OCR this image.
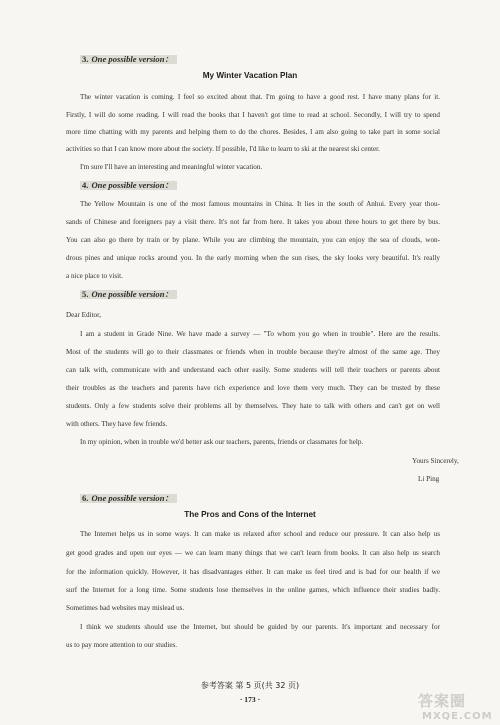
3. One possible version：
My Winter Vacation Plan
The winter vacation is coming. I feel so excited about that. I'm going to have a good rest. I have many plans for it.
Firstly, I will do some reading. I will read the books that I haven't got time to read at school. Secondly, I will try to spend
more time chatting with my parents and helping them to do the chores. Besides, I am also going to take part in some social
activities so that I can know more about the society. If possible, I'd like to learn to ski at the nearest ski center.
I'm sure I'll have an interesting and meaningful winter vacation.
4. One possible version：
The Yellow Mountain is one of the most famous mountains in China. It lies in the south of Anhui. Every year thou-
sands of Chinese and foreigners pay a visit there. It's not far from here. It takes you about three hours to get there by bus.
You can also go there by train or by plane. While you are climbing the mountain, you can enjoy the sea of clouds, won-
drous pines and unique rocks around you. In the early morning when the sun rises, the sky looks very beautiful. It's really
a nice place to visit.
5. One possible version：
Dear Editor,
I am a student in Grade Nine. We have made a survey — "To whom you go when in trouble". Here are the results.
Most of the students will go to their classmates or friends when in trouble because they're almost of the same age. They
can talk with, communicate with and understand each other easily. Some students will tell their teachers or parents about
their troubles as the teachers and parents have rich experience and love them very much. They can be trusted by these
students. Only a few students solve their problems all by themselves. They hate to talk with others and can't get on well
with others. They have few friends.
In my opinion, when in trouble we'd better ask our teachers, parents, friends or classmates for help.
Yours Sincerely,
Li Ping
6. One possible version：
The Pros and Cons of the Internet
The Internet helps us in some ways. It can make us relaxed after school and reduce our pressure. It can also help us
get good grades and open our eyes — we can learn many things that we can't learn from books. It can also help us search
for the information quickly. However, it has disadvantages either. It can make us feel tired and is bad for our health if we
surf the Internet for a long time. Some students lose themselves in the online games, which influence their studies badly.
Sometimes bad websites may mislead us.
I think we students should use the Internet, but should be guided by our parents. It's important and necessary for
us to pay more attention to our studies.
参考答案 第 5 页(共 32 页)
· 173 ·	答案圈
MXQE.COM
